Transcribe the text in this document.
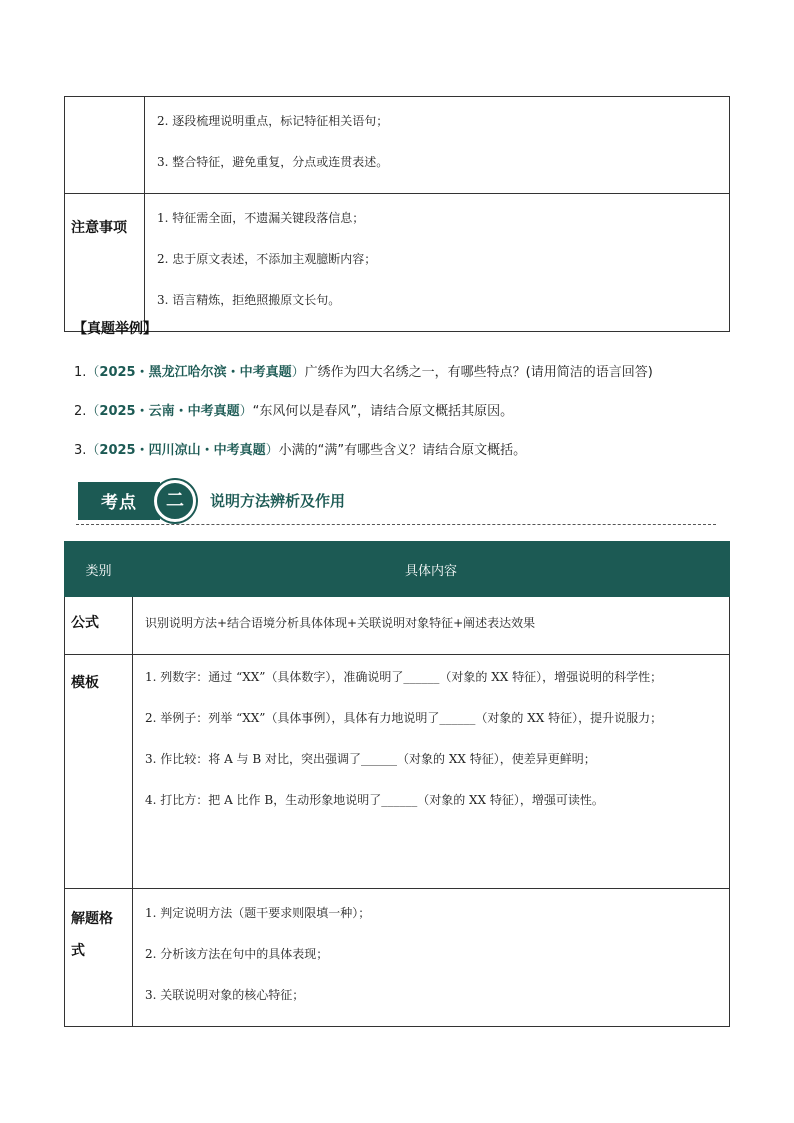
	2. 逐段梳理说明重点，标记特征相关语句；

3. 整合特征，避免重复，分点或连贯表述。

注意事项	1. 特征需全面，不遗漏关键段落信息；

2. 忠于原文表述，不添加主观臆断内容；

3. 语言精炼，拒绝照搬原文长句。

【真题举例】
1.（2025・黑龙江哈尔滨・中考真题）广绣作为四大名绣之一，有哪些特点？(请用简洁的语言回答)
2.（2025・云南・中考真题）“东风何以是春风”，请结合原文概括其原因。
3.（2025・四川凉山・中考真题）小满的“满”有哪些含义？请结合原文概括。
考点	二	说明方法辨析及作用
类别	具体内容
公式	识别说明方法+结合语境分析具体体现+关联说明对象特征+阐述表达效果

模板	1. 列数字：通过 “XX”（具体数字），准确说明了______（对象的 XX 特征），增强说明的科学性；

2. 举例子：列举 “XX”（具体事例），具体有力地说明了______（对象的 XX 特征），提升说服力；

3. 作比较：将 A 与 B 对比，突出强调了______（对象的 XX 特征），使差异更鲜明；

4. 打比方：把 A 比作 B，生动形象地说明了______（对象的 XX 特征），增强可读性。

解题格式	1. 判定说明方法（题干要求则限填一种）；

2. 分析该方法在句中的具体表现；

3. 关联说明对象的核心特征；
